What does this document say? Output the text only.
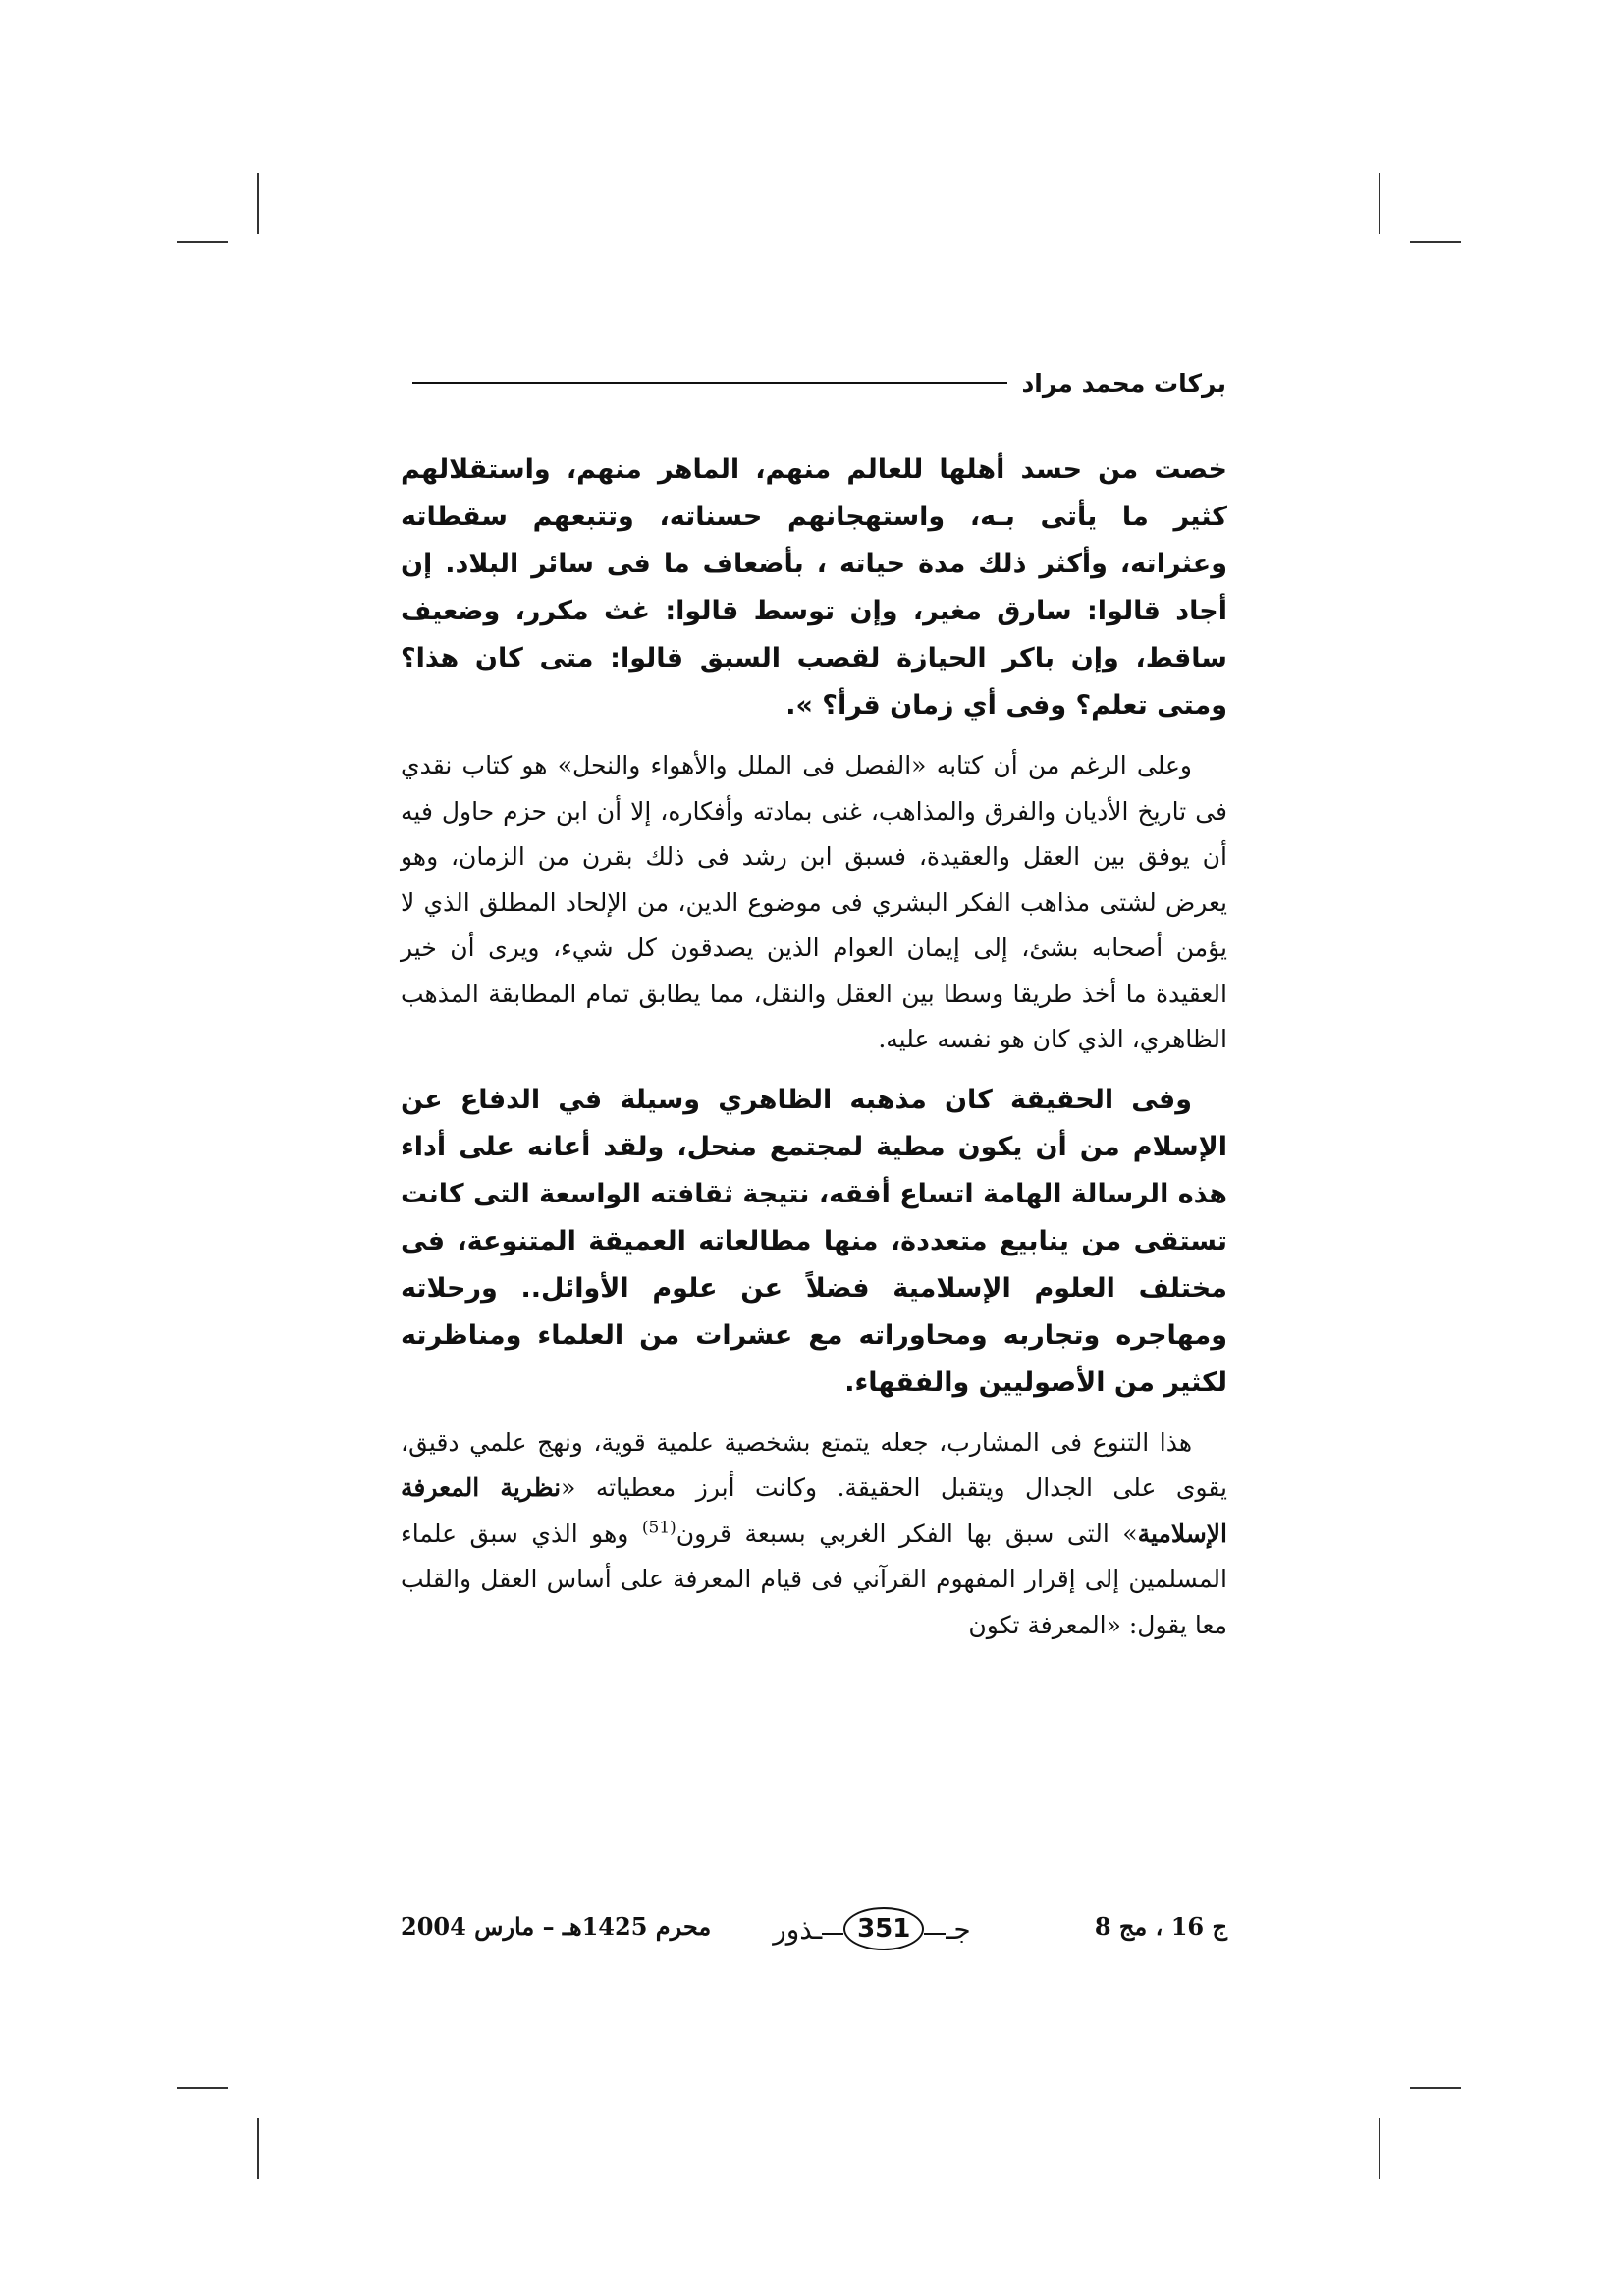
بركات محمد مراد

خصت من حسد أهلها للعالم منهم، الماهر منهم، واستقلالهم كثير ما يأتى بـه، واستهجانهم حسناته، وتتبعهم سقطاته وعثراته، وأكثر ذلك مدة حياته ، بأضعاف ما فى سائر البلاد. إن أجاد قالوا: سارق مغير، وإن توسط قالوا: غث مكرر، وضعيف ساقط، وإن باكر الحيازة لقصب السبق قالوا: متى كان هذا؟ ومتى تعلم؟ وفى أي زمان قرأ؟ ».

وعلى الرغم من أن كتابه «الفصل فى الملل والأهواء والنحل» هو كتاب نقدي فى تاريخ الأديان والفرق والمذاهب، غنى بمادته وأفكاره، إلا أن ابن حزم حاول فيه أن يوفق بين العقل والعقيدة، فسبق ابن رشد فى ذلك بقرن من الزمان، وهو يعرض لشتى مذاهب الفكر البشري فى موضوع الدين، من الإلحاد المطلق الذي لا يؤمن أصحابه بشئ، إلى إيمان العوام الذين يصدقون كل شيء، ويرى أن خير العقيدة ما أخذ طريقا وسطا بين العقل والنقل، مما يطابق تمام المطابقة المذهب الظاهري، الذي كان هو نفسه عليه.

وفى الحقيقة كان مذهبه الظاهري وسيلة في الدفاع عن الإسلام من أن يكون مطية لمجتمع منحل، ولقد أعانه على أداء هذه الرسالة الهامة اتساع أفقه، نتيجة ثقافته الواسعة التى كانت تستقى من ينابيع متعددة، منها مطالعاته العميقة المتنوعة، فى مختلف العلوم الإسلامية فضلاً عن علوم الأوائل.. ورحلاته ومهاجره وتجاربه ومحاوراته مع عشرات من العلماء ومناظرته لكثير من الأصوليين والفقهاء.

هذا التنوع فى المشارب، جعله يتمتع بشخصية علمية قوية، ونهج علمي دقيق، يقوى على الجدال ويتقبل الحقيقة. وكانت أبرز معطياته «نظرية المعرفة الإسلامية» التى سبق بها الفكر الغربي بسبعة قرون$^{(51)}$ وهو الذي سبق علماء المسلمين إلى إقرار المفهوم القرآني فى قيام المعرفة على أساس العقل والقلب معا يقول: «المعرفة تكون

ج 16 ، مج 8
جـ
351
ـذور
محرم 1425هـ – مارس 2004
